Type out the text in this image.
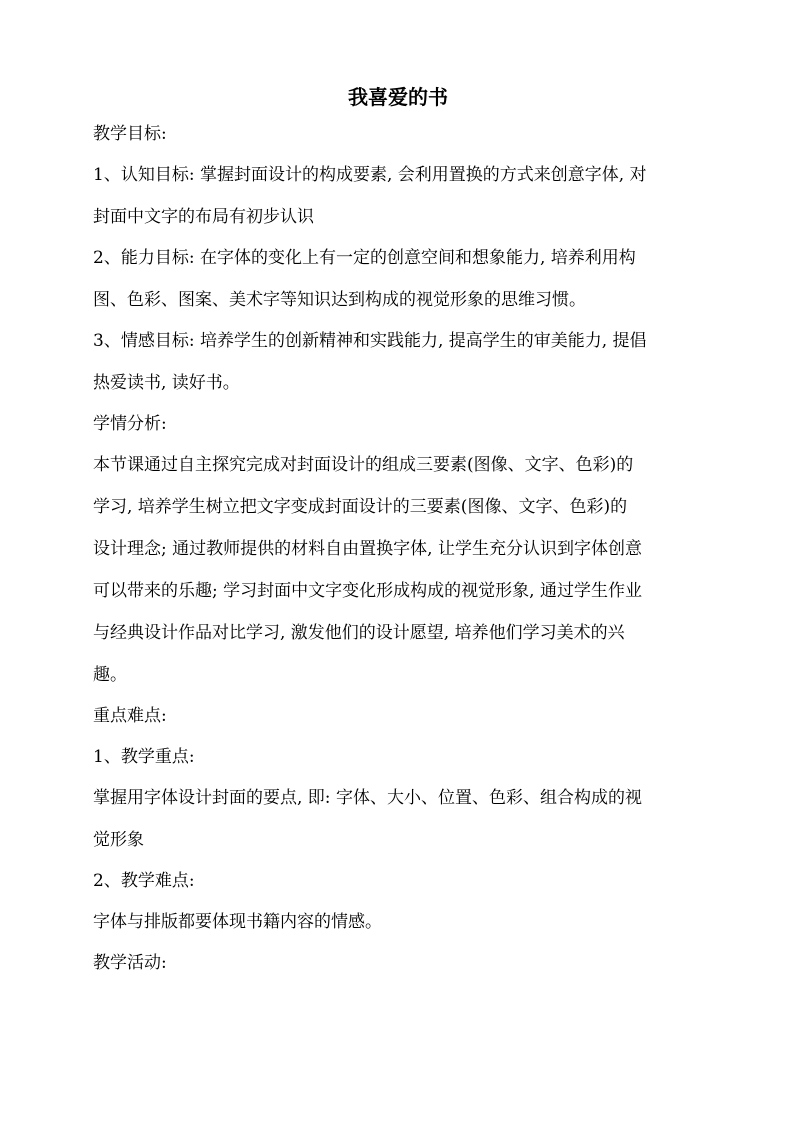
我喜爱的书
教学目标:
1、认知目标: 掌握封面设计的构成要素, 会利用置换的方式来创意字体, 对
封面中文字的布局有初步认识
2、能力目标: 在字体的变化上有一定的创意空间和想象能力, 培养利用构
图、色彩、图案、美术字等知识达到构成的视觉形象的思维习惯。
3、情感目标: 培养学生的创新精神和实践能力, 提高学生的审美能力, 提倡
热爱读书, 读好书。
学情分析:
本节课通过自主探究完成对封面设计的组成三要素(图像、文字、色彩)的
学习, 培养学生树立把文字变成封面设计的三要素(图像、文字、色彩)的
设计理念; 通过教师提供的材料自由置换字体, 让学生充分认识到字体创意
可以带来的乐趣; 学习封面中文字变化形成构成的视觉形象, 通过学生作业
与经典设计作品对比学习, 激发他们的设计愿望, 培养他们学习美术的兴
趣。
重点难点:
1、教学重点:
掌握用字体设计封面的要点, 即: 字体、大小、位置、色彩、组合构成的视
觉形象
2、教学难点:
字体与排版都要体现书籍内容的情感。
教学活动:
